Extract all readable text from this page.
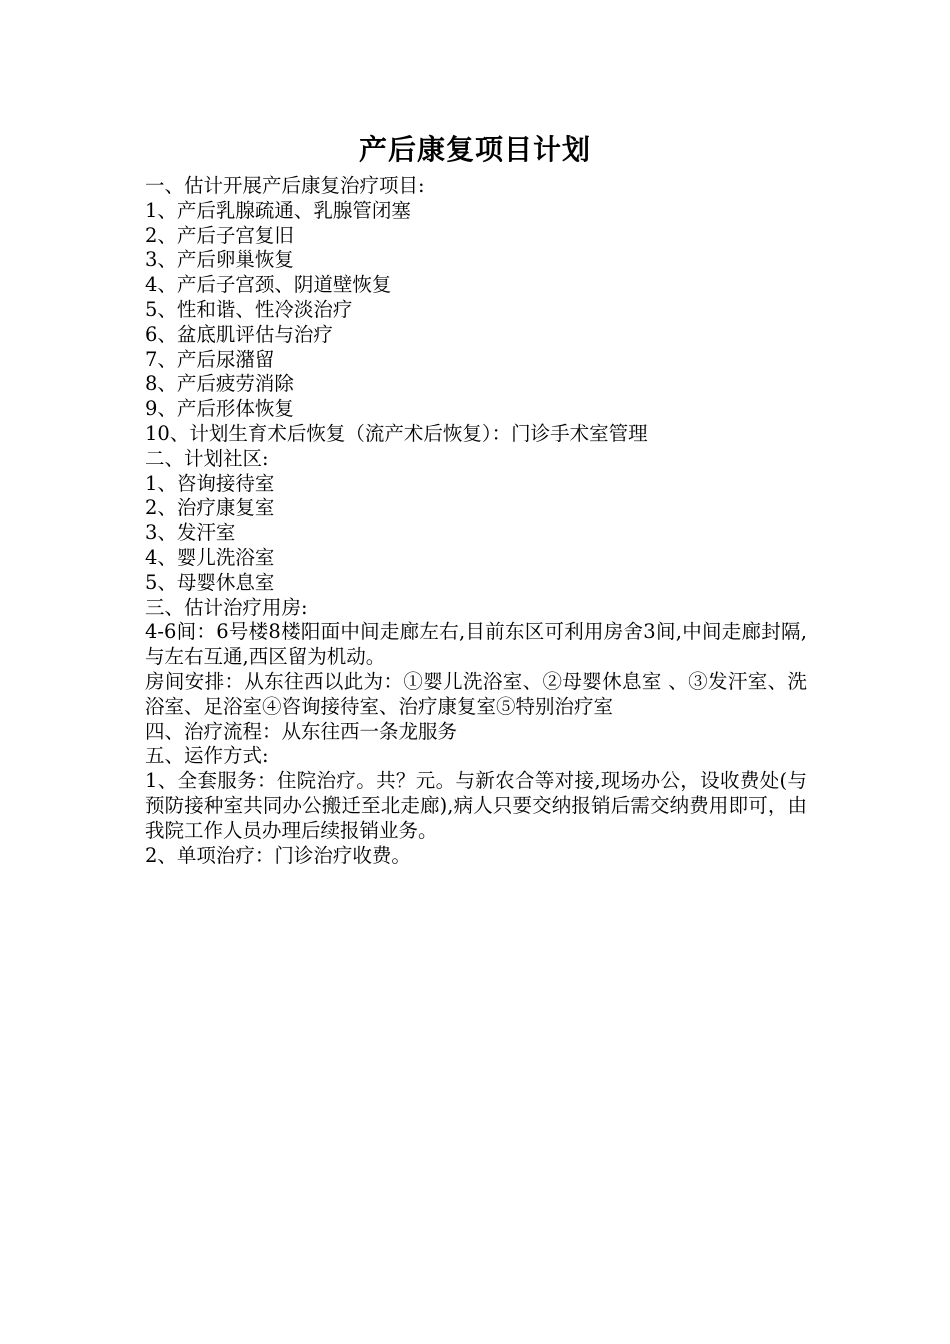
产后康复项目计划
一、估计开展产后康复治疗项目:
1、产后乳腺疏通、乳腺管闭塞
2、产后子宫复旧
3、产后卵巢恢复
4、产后子宫颈、阴道壁恢复
5、性和谐、性冷淡治疗
6、盆底肌评估与治疗
7、产后尿潴留
8、产后疲劳消除
9、产后形体恢复
10、计划生育术后恢复（流产术后恢复）：门诊手术室管理
二、计划社区:
1、咨询接待室
2、治疗康复室
3、发汗室
4、婴儿洗浴室
5、母婴休息室
三、估计治疗用房:
4-6间：6号楼8楼阳面中间走廊左右,目前东区可利用房舍3间,中间走廊封隔,与左右互通,西区留为机动。
房间安排：从东往西以此为：①婴儿洗浴室、②母婴休息室 、③发汗室、洗浴室、足浴室④咨询接待室、治疗康复室⑤特别治疗室
四、治疗流程：从东往西一条龙服务
五、运作方式:
1、全套服务：住院治疗。共？元。与新农合等对接,现场办公，设收费处(与预防接种室共同办公搬迁至北走廊),病人只要交纳报销后需交纳费用即可，由我院工作人员办理后续报销业务。
2、单项治疗：门诊治疗收费。
